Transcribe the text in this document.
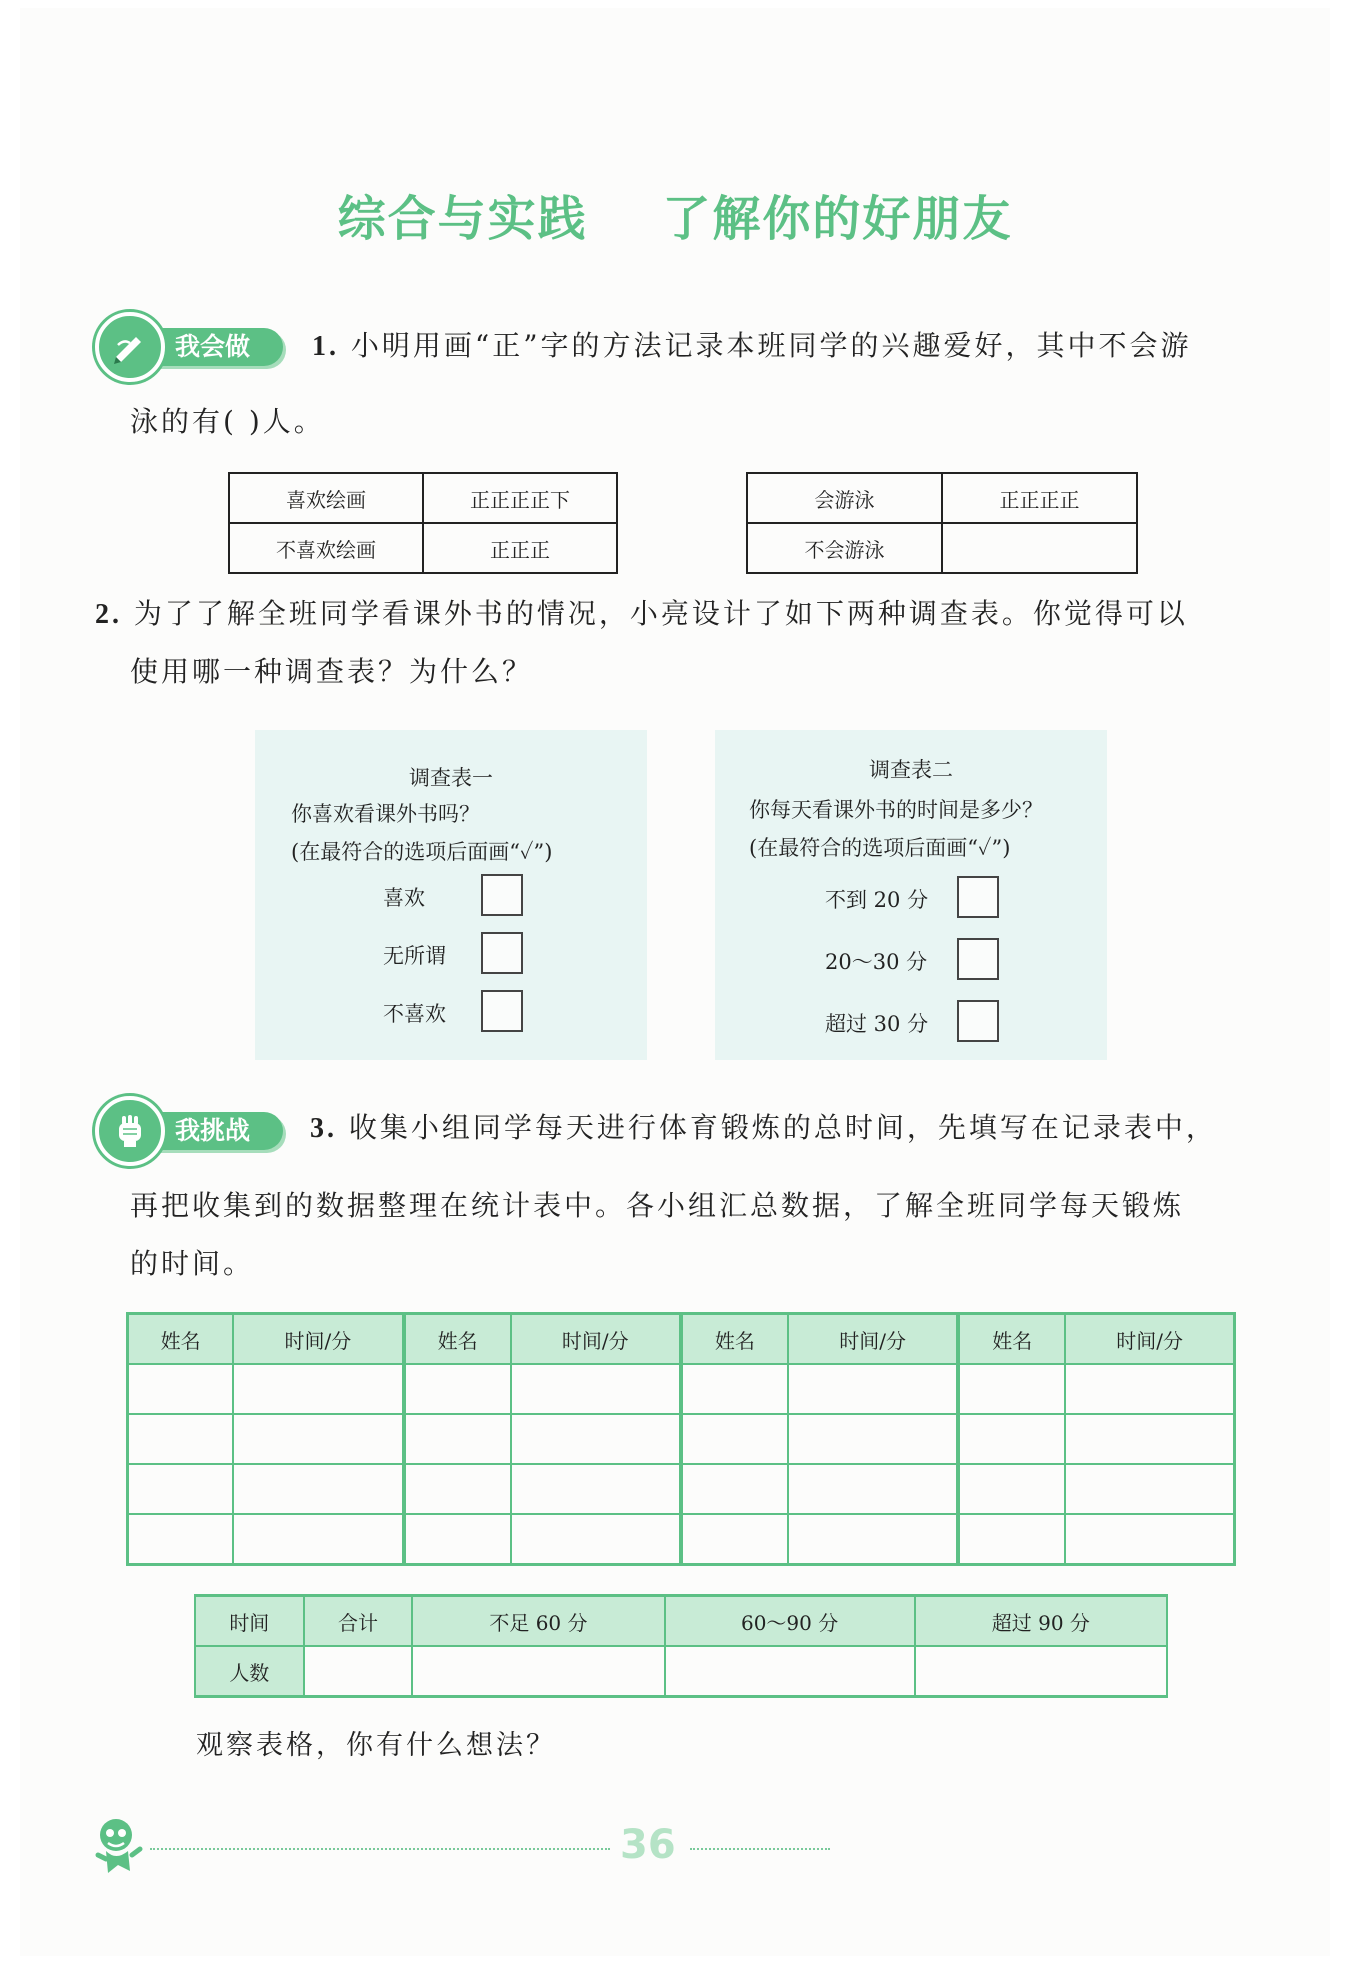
综合与实践    了解你的好朋友
我会做 1. 小明用画“正”字的方法记录本班同学的兴趣爱好，其中不会游
泳的有( )人。
喜欢绘画	正正正正下
不喜欢绘画	正正正
会游泳	正正正正
不会游泳	
2. 为了了解全班同学看课外书的情况，小亮设计了如下两种调查表。你觉得可以
使用哪一种调查表？为什么？
调查表一
你喜欢看课外书吗？
(在最符合的选项后面画“✓”)
喜欢
无所谓
不喜欢
调查表二
你每天看课外书的时间是多少？
(在最符合的选项后面画“✓”)
不到 20 分
20～30 分
超过 30 分
我挑战 3. 收集小组同学每天进行体育锻炼的总时间，先填写在记录表中，
再把收集到的数据整理在统计表中。各小组汇总数据，了解全班同学每天锻炼
的时间。
姓名	时间/分	姓名	时间/分	姓名	时间/分	姓名	时间/分

时间	合计	不足 60 分	60～90 分	超过 90 分
人数				
观察表格，你有什么想法？
36
